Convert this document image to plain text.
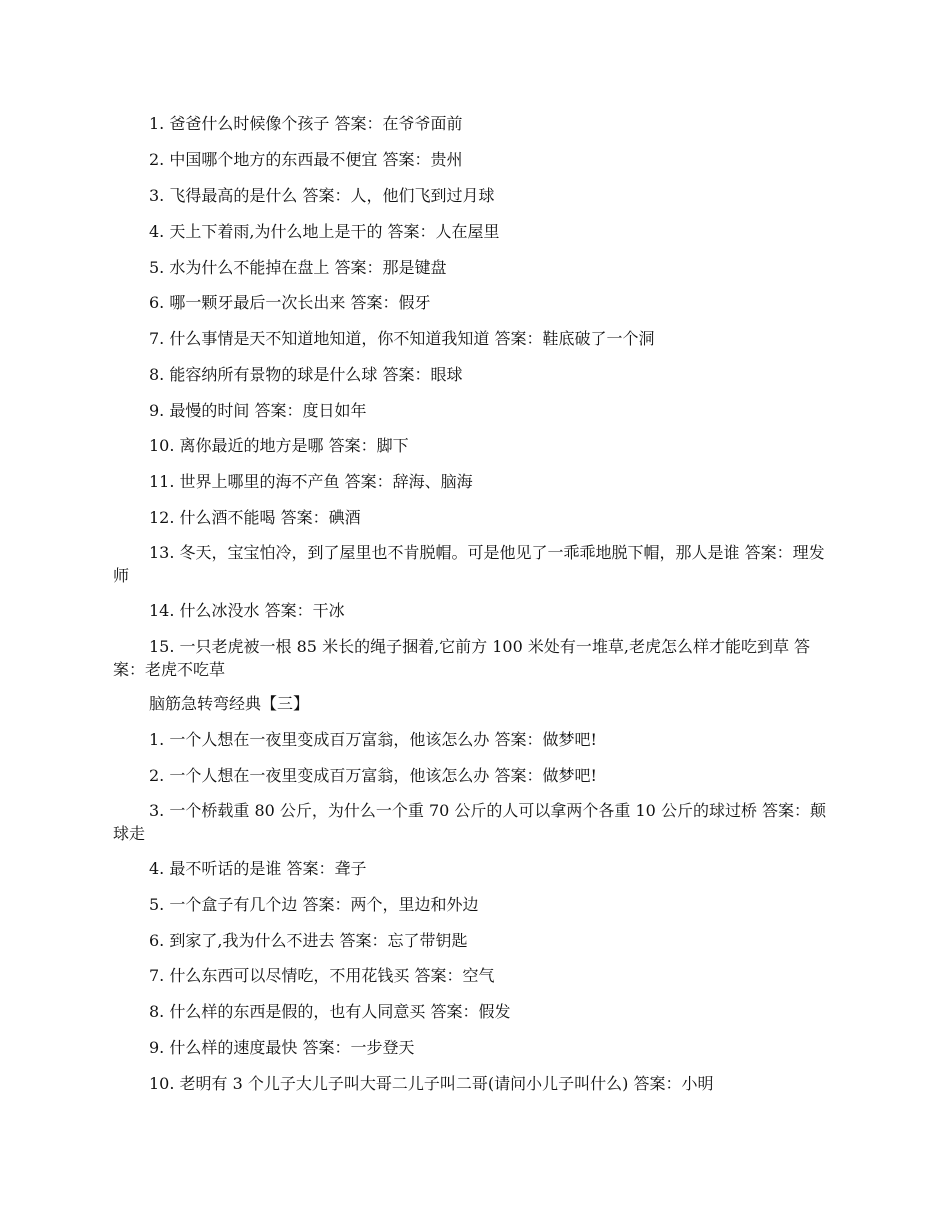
1. 爸爸什么时候像个孩子 答案：在爷爷面前

2. 中国哪个地方的东西最不便宜 答案：贵州

3. 飞得最高的是什么 答案：人，他们飞到过月球

4. 天上下着雨,为什么地上是干的 答案：人在屋里

5. 水为什么不能掉在盘上 答案：那是键盘

6. 哪一颗牙最后一次长出来 答案：假牙

7. 什么事情是天不知道地知道，你不知道我知道 答案：鞋底破了一个洞

8. 能容纳所有景物的球是什么球 答案：眼球

9. 最慢的时间 答案：度日如年

10. 离你最近的地方是哪 答案：脚下

11. 世界上哪里的海不产鱼 答案：辞海、脑海

12. 什么酒不能喝 答案：碘酒

13. 冬天，宝宝怕冷，到了屋里也不肯脱帽。可是他见了一乖乖地脱下帽，那人是谁 答案：理发师

14. 什么冰没水 答案：干冰

15. 一只老虎被一根 85 米长的绳子捆着,它前方 100 米处有一堆草,老虎怎么样才能吃到草 答案：老虎不吃草

脑筋急转弯经典【三】

1. 一个人想在一夜里变成百万富翁，他该怎么办 答案：做梦吧!

2. 一个人想在一夜里变成百万富翁，他该怎么办 答案：做梦吧!

3. 一个桥载重 80 公斤，为什么一个重 70 公斤的人可以拿两个各重 10 公斤的球过桥 答案：颠球走

4. 最不听话的是谁 答案：聋子

5. 一个盒子有几个边 答案：两个，里边和外边

6. 到家了,我为什么不进去 答案：忘了带钥匙

7. 什么东西可以尽情吃，不用花钱买 答案：空气

8. 什么样的东西是假的，也有人同意买 答案：假发

9. 什么样的速度最快 答案：一步登天

10. 老明有 3 个儿子大儿子叫大哥二儿子叫二哥(请问小儿子叫什么) 答案：小明
